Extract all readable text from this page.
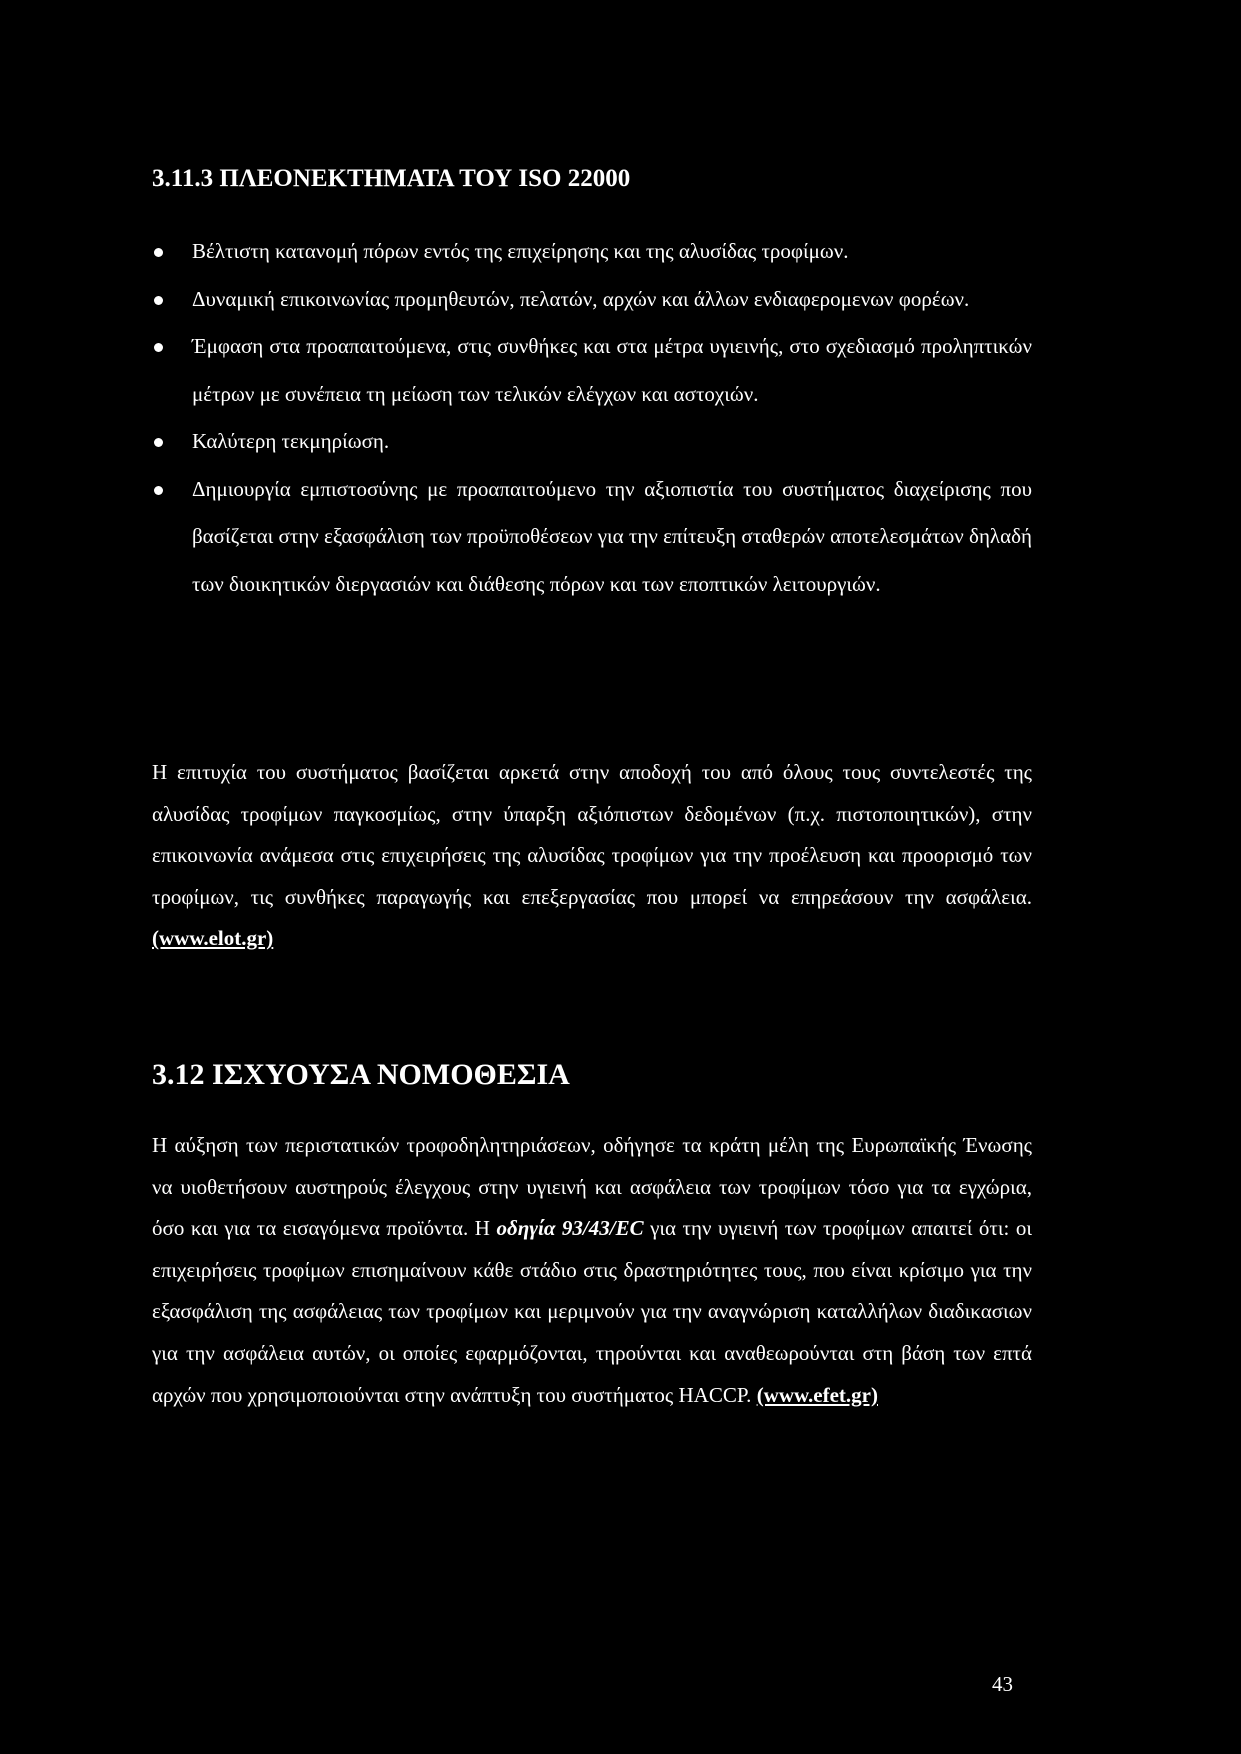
3.11.3 ΠΛΕΟΝΕΚΤΗΜΑΤΑ ΤΟΥ ISO 22000
Βέλτιστη κατανομή πόρων εντός της επιχείρησης και της αλυσίδας τροφίμων.
Δυναμική επικοινωνίας προμηθευτών, πελατών, αρχών και άλλων ενδιαφερομενων φορέων.
Έμφαση στα προαπαιτούμενα, στις συνθήκες και στα μέτρα υγιεινής, στο σχεδιασμό προληπτικών μέτρων με συνέπεια τη μείωση των τελικών ελέγχων και αστοχιών.
Καλύτερη τεκμηρίωση.
Δημιουργία εμπιστοσύνης με προαπαιτούμενο την αξιοπιστία του συστήματος διαχείρισης που βασίζεται στην εξασφάλιση των προϋποθέσεων για την επίτευξη σταθερών αποτελεσμάτων δηλαδή των διοικητικών διεργασιών και διάθεσης πόρων και των εποπτικών λειτουργιών.

Η επιτυχία του συστήματος βασίζεται αρκετά στην αποδοχή του από όλους τους συντελεστές της αλυσίδας τροφίμων παγκοσμίως, στην ύπαρξη αξιόπιστων δεδομένων (π.χ. πιστοποιητικών), στην επικοινωνία ανάμεσα στις επιχειρήσεις της αλυσίδας τροφίμων για την προέλευση και προορισμό των τροφίμων, τις συνθήκες παραγωγής και επεξεργασίας που μπορεί να επηρεάσουν την ασφάλεια. (www.elot.gr)

3.12 ΙΣΧΥΟΥΣΑ ΝΟΜΟΘΕΣΙΑ

Η αύξηση των περιστατικών τροφοδηλητηριάσεων, οδήγησε τα κράτη μέλη της Ευρωπαϊκής Ένωσης να υιοθετήσουν αυστηρούς έλεγχους στην υγιεινή και ασφάλεια των τροφίμων τόσο για τα εγχώρια, όσο και για τα εισαγόμενα προϊόντα. Η οδηγία 93/43/EC για την υγιεινή των τροφίμων απαιτεί ότι: οι επιχειρήσεις τροφίμων επισημαίνουν κάθε στάδιο στις δραστηριότητες τους, που είναι κρίσιμο για την εξασφάλιση της ασφάλειας των τροφίμων και μεριμνούν για την αναγνώριση καταλλήλων διαδικασιων για την ασφάλεια αυτών, οι οποίες εφαρμόζονται, τηρούνται και αναθεωρούνται στη βάση των επτά αρχών που χρησιμοποιούνται στην ανάπτυξη του συστήματος HACCP. (www.efet.gr)

43
